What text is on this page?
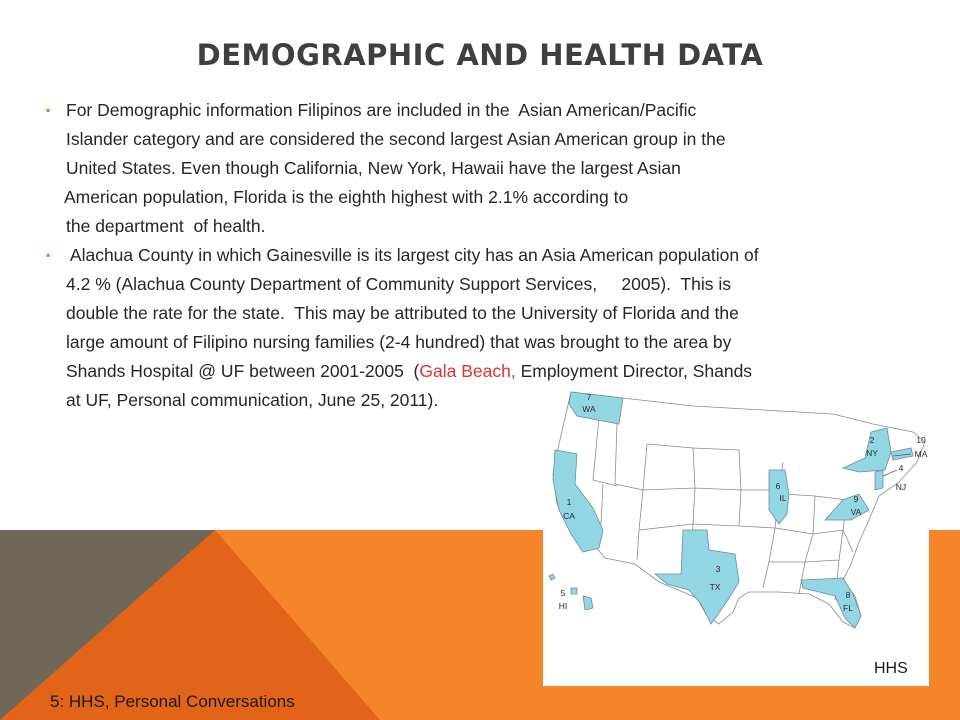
DEMOGRAPHIC AND HEALTH DATA
▪ For Demographic information Filipinos are included in the  Asian American/Pacific
Islander category and are considered the second largest Asian American group in the
United States. Even though California, New York, Hawaii have the largest Asian
American population, Florida is the eighth highest with 2.1% according to
the department  of health.
▪ Alachua County in which Gainesville is its largest city has an Asia American population of
4.2 % (Alachua County Department of Community Support Services,     2005).  This is
double the rate for the state.  This may be attributed to the University of Florida and the
large amount of Filipino nursing families (2-4 hundred) that was brought to the area by
Shands Hospital @ UF between 2001-2005  (Gala Beach, Employment Director, Shands
at UF, Personal communication, June 25, 2011).	7
WA
2
NY
10
MA
4
NJ
6
IL	9
VA
1
CA
3
TX
5
HI
8
FL
HHS
5: HHS, Personal Conversations
